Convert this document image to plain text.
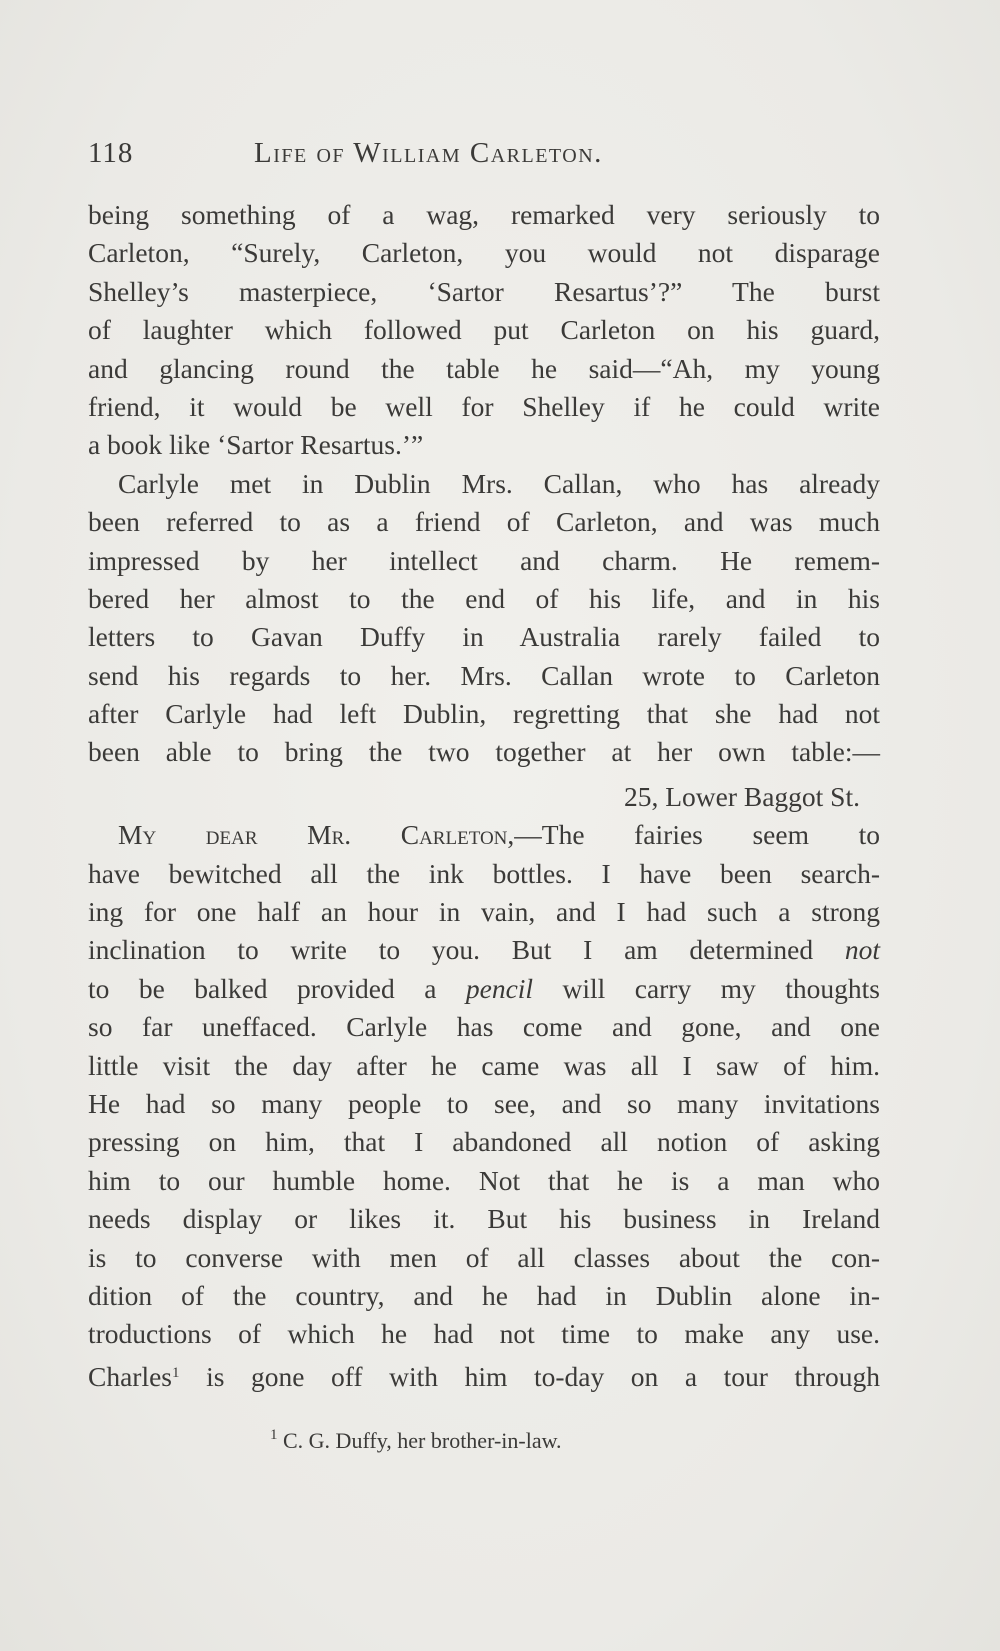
118	Life of William Carleton.
being something of a wag, remarked very seriously to
Carleton, “Surely, Carleton, you would not disparage
Shelley’s masterpiece, ‘Sartor Resartus’?” The burst
of laughter which followed put Carleton on his guard,
and glancing round the table he said—“Ah, my young
friend, it would be well for Shelley if he could write
a book like ‘Sartor Resartus.’”
Carlyle met in Dublin Mrs. Callan, who has already
been referred to as a friend of Carleton, and was much
impressed by her intellect and charm. He remem-
bered her almost to the end of his life, and in his
letters to Gavan Duffy in Australia rarely failed to
send his regards to her. Mrs. Callan wrote to Carleton
after Carlyle had left Dublin, regretting that she had not
been able to bring the two together at her own table:—
25, Lower Baggot St.
My dear Mr. Carleton,—The fairies seem to
have bewitched all the ink bottles. I have been search-
ing for one half an hour in vain, and I had such a strong
inclination to write to you. But I am determined not
to be balked provided a pencil will carry my thoughts
so far uneffaced. Carlyle has come and gone, and one
little visit the day after he came was all I saw of him.
He had so many people to see, and so many invitations
pressing on him, that I abandoned all notion of asking
him to our humble home. Not that he is a man who
needs display or likes it. But his business in Ireland
is to converse with men of all classes about the con-
dition of the country, and he had in Dublin alone in-
troductions of which he had not time to make any use.
Charles$^1$ is gone off with him to-day on a tour through
$^1$ C. G. Duffy, her brother-in-law.
